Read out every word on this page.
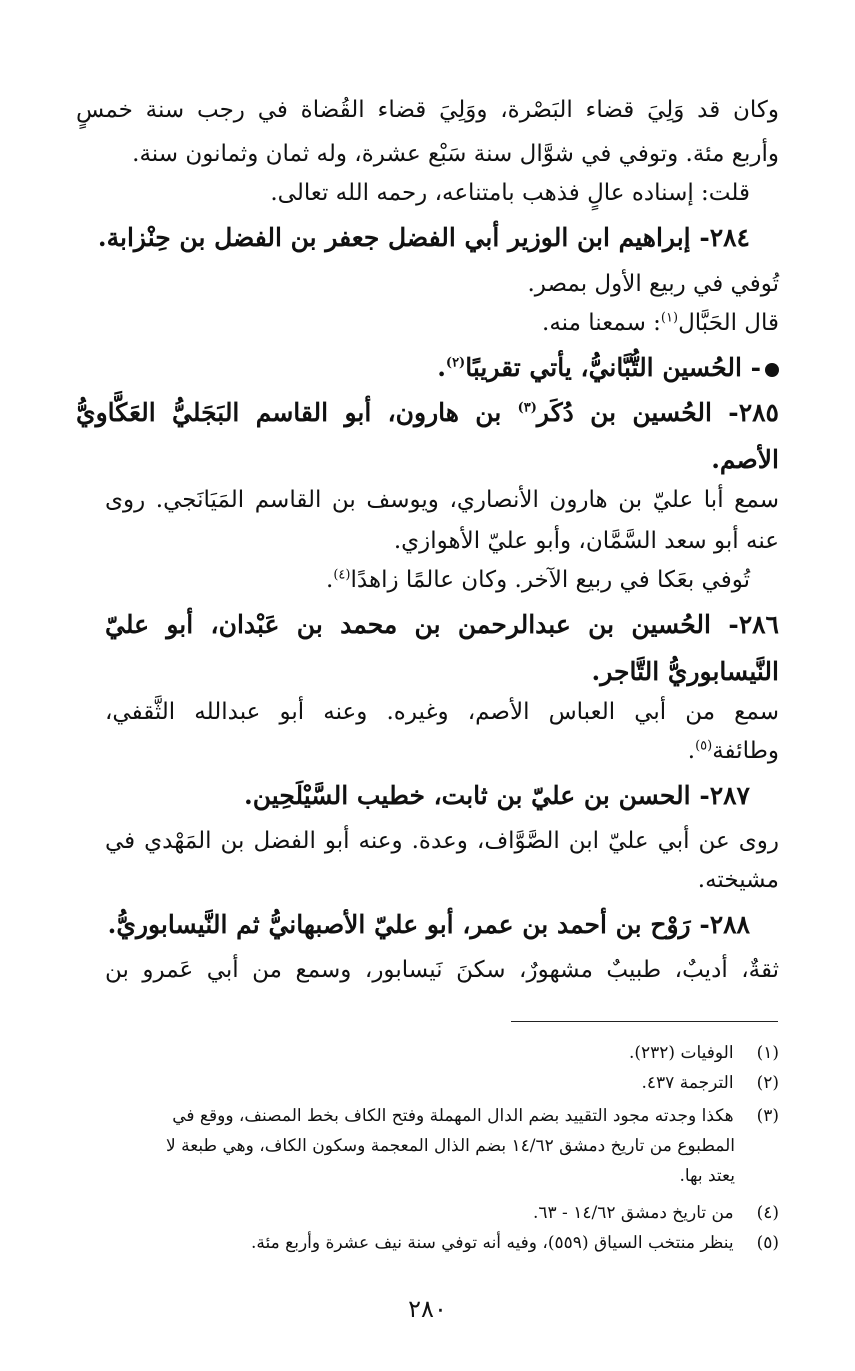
وكان قد وَلِيَ قضاء البَصْرة، ووَلِيَ قضاء القُضاة في رجب سنة خمسٍ
وأربع مئة. وتوفي في شوَّال سنة سَبْع عشرة، وله ثمان وثمانون سنة.
قلت: إسناده عالٍ فذهب بامتناعه، رحمه الله تعالى.
٢٨٤- إبراهيم ابن الوزير أبي الفضل جعفر بن الفضل بن حِنْزابة.
تُوفي في ربيع الأول بمصر.
قال الحَبَّال$^{(١)}$: سمعنا منه.
- الحُسين التُّبَّانيُّ، يأتي تقريبًا$^{(٢)}$.
٢٨٥- الحُسين بن دُكَر$^{(٣)}$ بن هارون، أبو القاسم البَجَليُّ العَكَّاويُّ
الأصم.
سمع أبا عليّ بن هارون الأنصاري، ويوسف بن القاسم المَيَانَجي. روى
عنه أبو سعد السَّمَّان، وأبو عليّ الأهوازي.
تُوفي بعَكا في ربيع الآخر. وكان عالمًا زاهدًا$^{(٤)}$.
٢٨٦- الحُسين بن عبدالرحمن بن محمد بن عَبْدان، أبو عليّ
النَّيسابوريُّ التَّاجر.
سمع من أبي العباس الأصم، وغيره. وعنه أبو عبدالله الثَّقفي،
وطائفة$^{(٥)}$.
٢٨٧- الحسن بن عليّ بن ثابت، خطيب السَّيْلَحِين.
روى عن أبي عليّ ابن الصَّوَّاف، وعدة. وعنه أبو الفضل بن المَهْدي في
مشيخته.
٢٨٨- رَوْح بن أحمد بن عمر، أبو عليّ الأصبهانيُّ ثم النَّيسابوريُّ.
ثقةٌ، أديبٌ، طبيبٌ مشهورٌ، سكنَ نَيسابور، وسمع من أبي عَمرو بن
(١) الوفيات (٢٣٢).
(٢) الترجمة ٤٣٧.
(٣) هكذا وجدته مجود التقييد بضم الدال المهملة وفتح الكاف بخط المصنف، ووقع في
المطبوع من تاريخ دمشق ١٤/٦٢ بضم الذال المعجمة وسكون الكاف، وهي طبعة لا
يعتد بها.
(٤) من تاريخ دمشق ١٤/٦٢ - ٦٣.
(٥) ينظر منتخب السياق (٥٥٩)، وفيه أنه توفي سنة نيف عشرة وأربع مئة.
٢٨٠
